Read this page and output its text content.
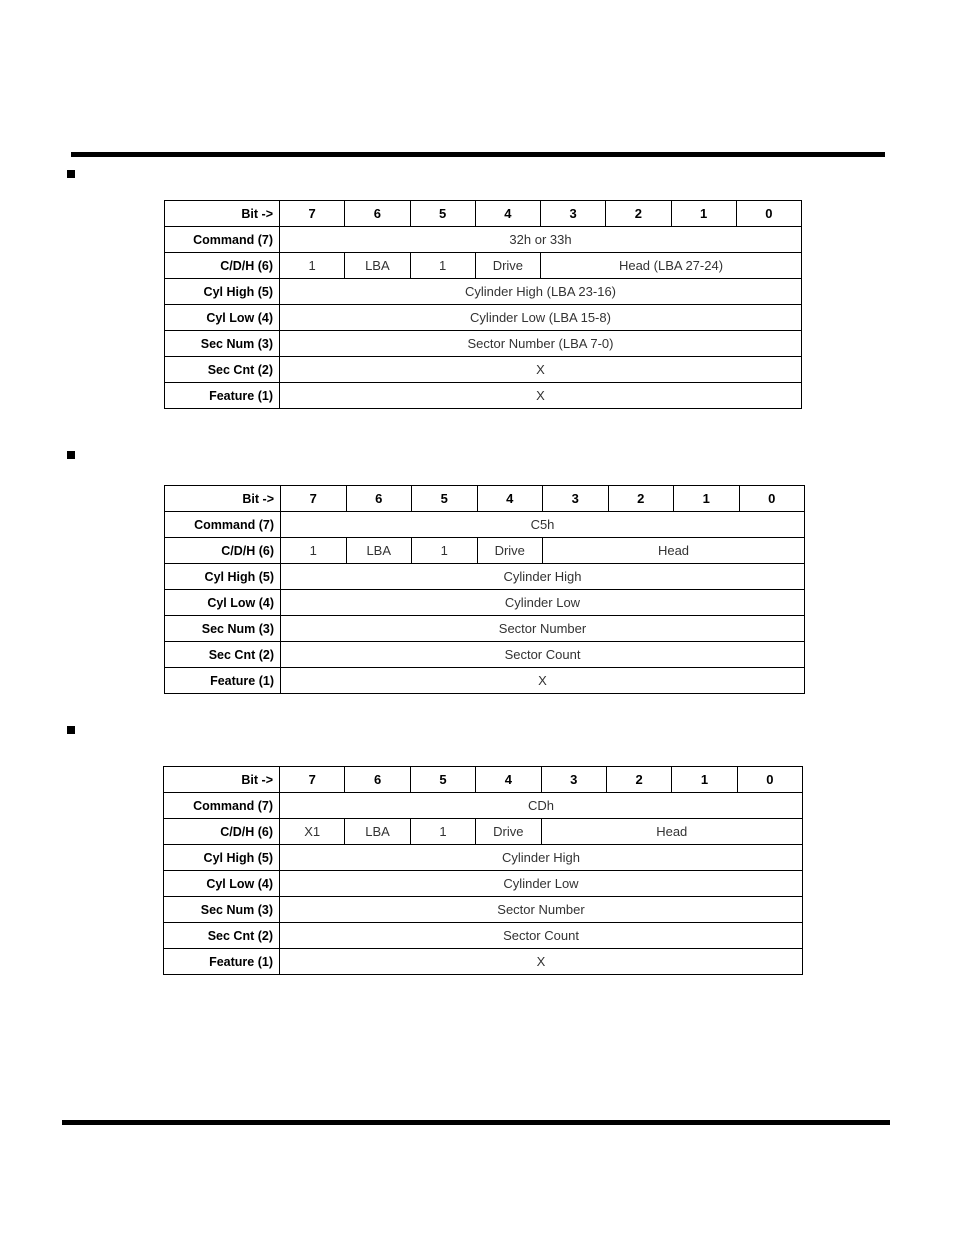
Bit ->	7	6	5	4	3	2	1	0
Command (7)	32h or 33h							
C/D/H (6)	1	LBA	1	Drive	Head (LBA 27-24)			
Cyl High (5)	Cylinder High (LBA 23-16)							
Cyl Low (4)	Cylinder Low (LBA 15-8)							
Sec Num (3)	Sector Number (LBA 7-0)							
Sec Cnt (2)	X							
Feature (1)	X							
Bit ->	7	6	5	4	3	2	1	0
Command (7)	C5h							
C/D/H (6)	1	LBA	1	Drive	Head			
Cyl High (5)	Cylinder High							
Cyl Low (4)	Cylinder Low							
Sec Num (3)	Sector Number							
Sec Cnt (2)	Sector Count							
Feature (1)	X							
Bit ->	7	6	5	4	3	2	1	0
Command (7)	CDh							
C/D/H (6)	X1	LBA	1	Drive	Head			
Cyl High (5)	Cylinder High							
Cyl Low (4)	Cylinder Low							
Sec Num (3)	Sector Number							
Sec Cnt (2)	Sector Count							
Feature (1)	X							
